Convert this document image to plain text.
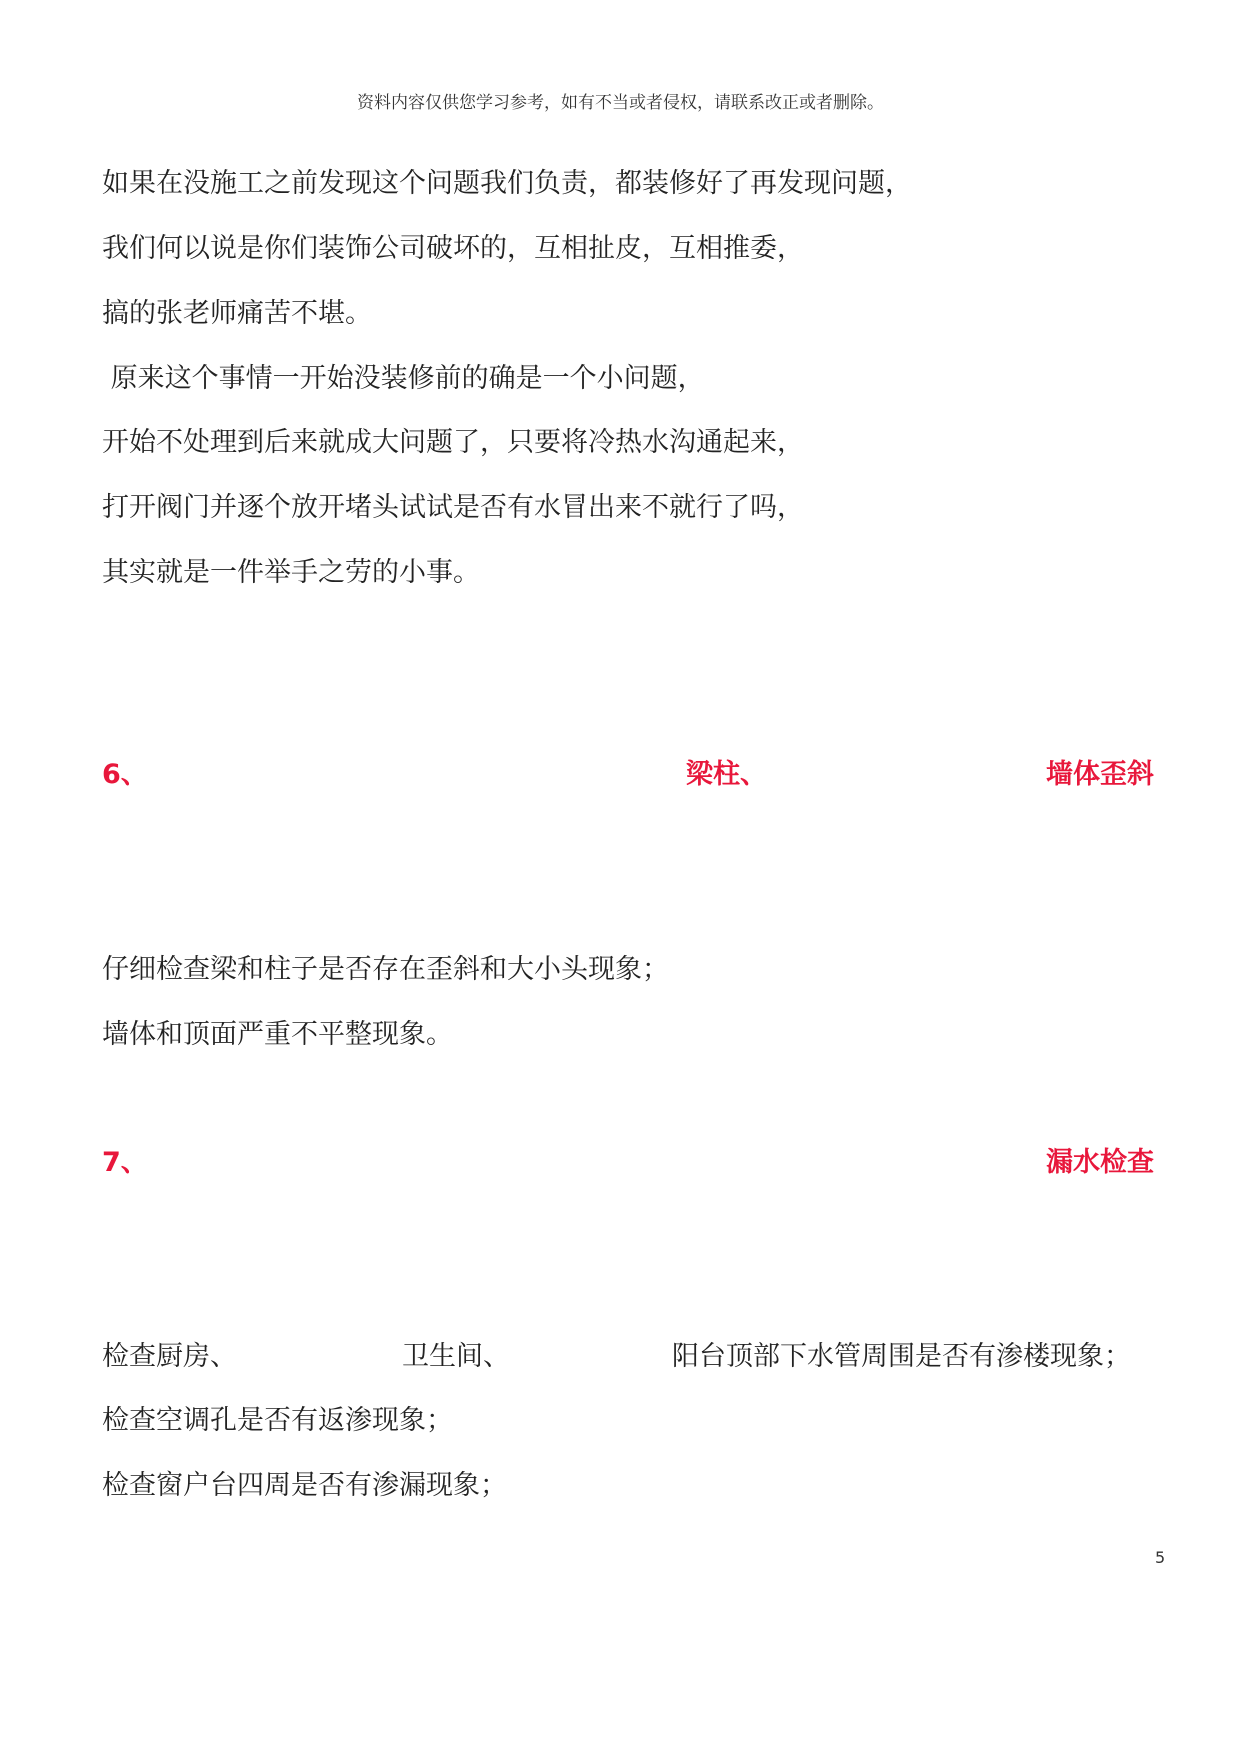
资料内容仅供您学习参考，如有不当或者侵权，请联系改正或者删除。
如果在没施工之前发现这个问题我们负责，都装修好了再发现问题，
我们何以说是你们装饰公司破坏的，互相扯皮，互相推委，
搞的张老师痛苦不堪。
原来这个事情一开始没装修前的确是一个小问题，
开始不处理到后来就成大问题了，只要将冷热水沟通起来，
打开阀门并逐个放开堵头试试是否有水冒出来不就行了吗，
其实就是一件举手之劳的小事。
6、	梁柱、	墙体歪斜
仔细检查梁和柱子是否存在歪斜和大小头现象；
墙体和顶面严重不平整现象。
7、	漏水检查
检查厨房、	卫生间、	阳台顶部下水管周围是否有渗楼现象；
检查空调孔是否有返渗现象；
检查窗户台四周是否有渗漏现象；
5
